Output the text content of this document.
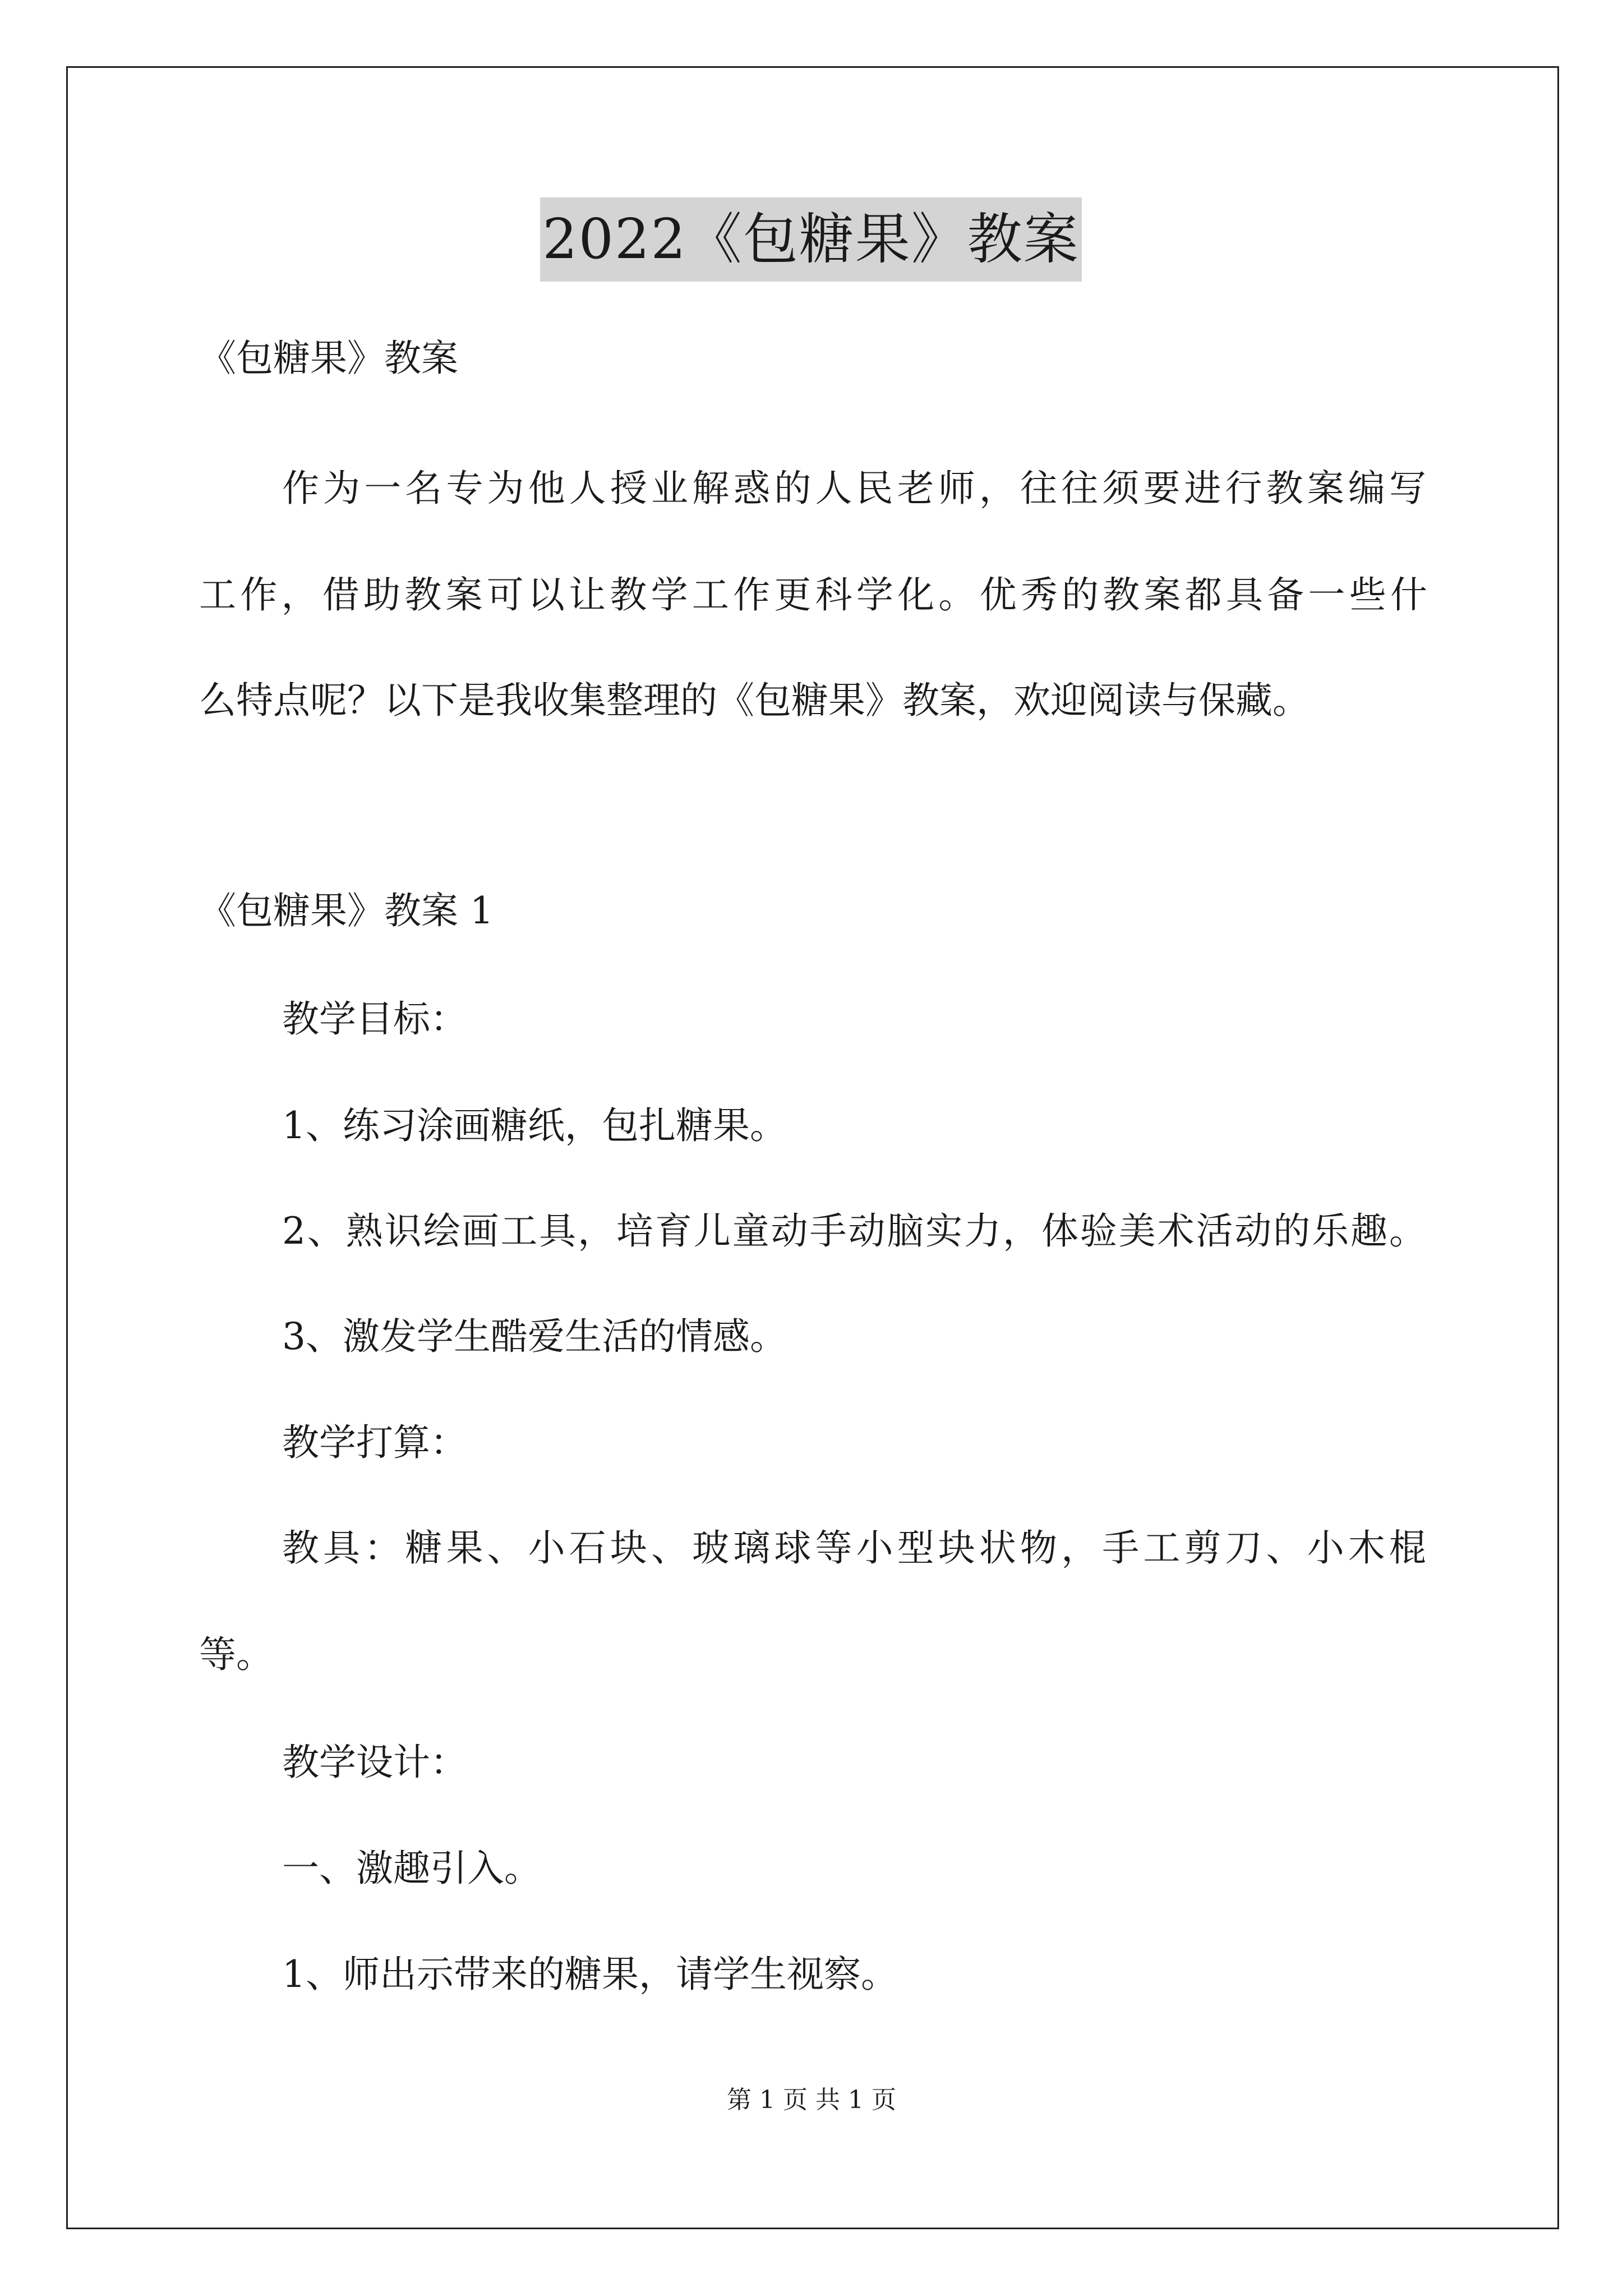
2022《包糖果》教案
《包糖果》教案
作为一名专为他人授业解惑的人民老师，往往须要进行教案编写
工作，借助教案可以让教学工作更科学化。优秀的教案都具备一些什
么特点呢？以下是我收集整理的《包糖果》教案，欢迎阅读与保藏。
《包糖果》教案 1
教学目标：
1、练习涂画糖纸，包扎糖果。
2、熟识绘画工具，培育儿童动手动脑实力，体验美术活动的乐趣。
3、激发学生酷爱生活的情感。
教学打算：
教具：糖果、小石块、玻璃球等小型块状物，手工剪刀、小木棍
等。
教学设计：
一、激趣引入。
1、师出示带来的糖果，请学生视察。
第 1 页 共 1 页
